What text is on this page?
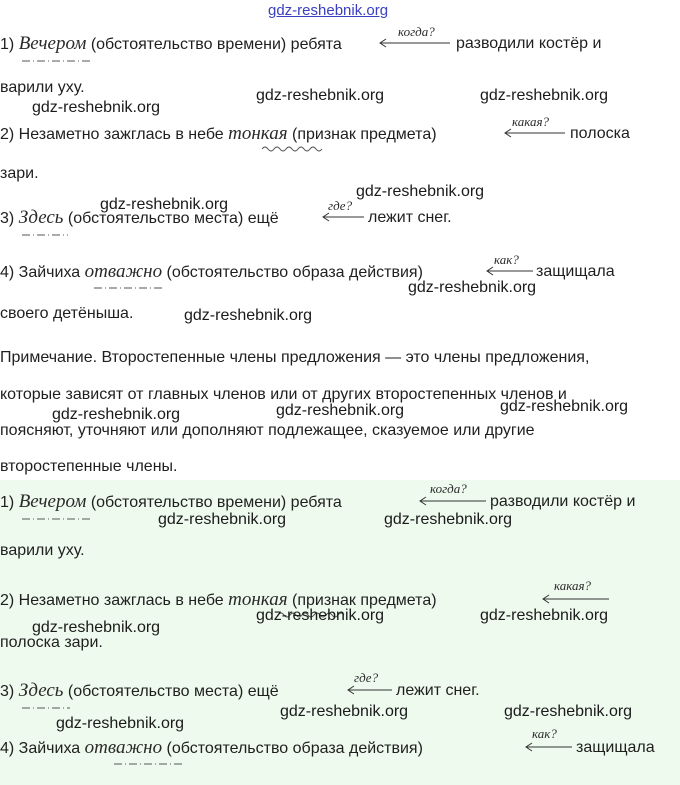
gdz-reshebnik.org
1) Вечером (обстоятельство времени) ребята
когда?
разводили костёр и
варили уху.
gdz-reshebnik.org
gdz-reshebnik.org	gdz-reshebnik.org
2) Незаметно зажглась в небе тонкая (признак предмета)
какая?
полоска
зари.
gdz-reshebnik.org
gdz-reshebnik.org
3) Здесь (обстоятельство места) ещё
где?
лежит снег.
4) Зайчиха отважно (обстоятельство образа действия)
как?
защищала
gdz-reshebnik.org
своего детёныша.	gdz-reshebnik.org
Примечание. Второстепенные члены предложения — это члены предложения,
которые зависят от главных членов или от других второстепенных членов и
gdz-reshebnik.org	gdz-reshebnik.org	gdz-reshebnik.org
поясняют, уточняют или дополняют подлежащее, сказуемое или другие
второстепенные члены.
1) Вечером (обстоятельство времени) ребята
когда?
разводили костёр и
gdz-reshebnik.org	gdz-reshebnik.org
варили уху.
2) Незаметно зажглась в небе тонкая (признак предмета)
какая?
gdz-reshebnik.org
gdz-reshebnik.org	gdz-reshebnik.org
полоска зари.
3) Здесь (обстоятельство места) ещё
где?
лежит снег.
gdz-reshebnik.org
gdz-reshebnik.org	gdz-reshebnik.org
4) Зайчиха отважно (обстоятельство образа действия)
как?
защищала
